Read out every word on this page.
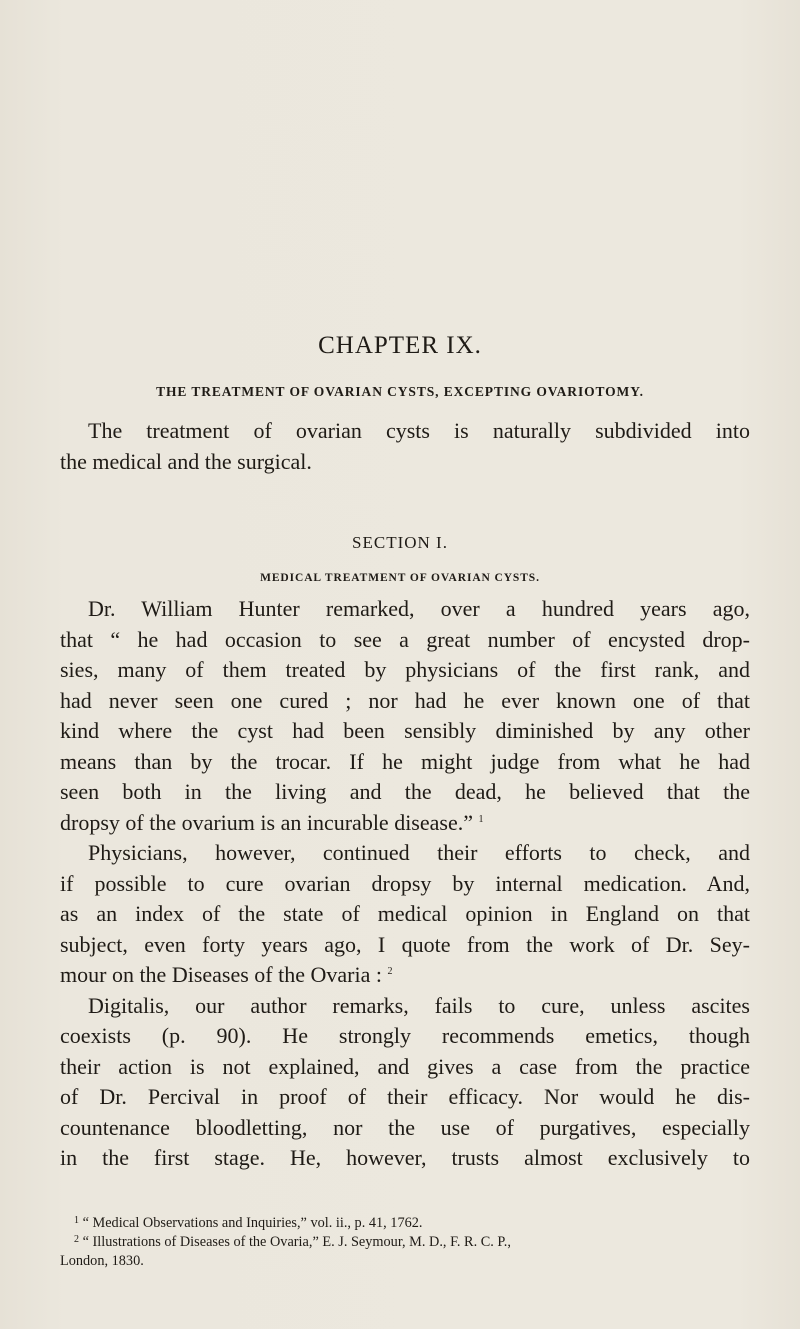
CHAPTER IX.
THE TREATMENT OF OVARIAN CYSTS, EXCEPTING OVARIOTOMY.
The treatment of ovarian cysts is naturally subdivided into
the medical and the surgical.
SECTION I.
MEDICAL TREATMENT OF OVARIAN CYSTS.
Dr. William Hunter remarked, over a hundred years ago,
that “ he had occasion to see a great number of encysted drop-
sies, many of them treated by physicians of the first rank, and
had never seen one cured ; nor had he ever known one of that
kind where the cyst had been sensibly diminished by any other
means than by the trocar. If he might judge from what he had
seen both in the living and the dead, he believed that the
dropsy of the ovarium is an incurable disease.” $^1$
Physicians, however, continued their efforts to check, and
if possible to cure ovarian dropsy by internal medication. And,
as an index of the state of medical opinion in England on that
subject, even forty years ago, I quote from the work of Dr. Sey-
mour on the Diseases of the Ovaria : $^2$
Digitalis, our author remarks, fails to cure, unless ascites
coexists (p. 90). He strongly recommends emetics, though
their action is not explained, and gives a case from the practice
of Dr. Percival in proof of their efficacy. Nor would he dis-
countenance bloodletting, nor the use of purgatives, especially
in the first stage. He, however, trusts almost exclusively to
$^1$ “ Medical Observations and Inquiries,” vol. ii., p. 41, 1762.
$^2$ “ Illustrations of Diseases of the Ovaria,” E. J. Seymour, M. D., F. R. C. P.,
London, 1830.
